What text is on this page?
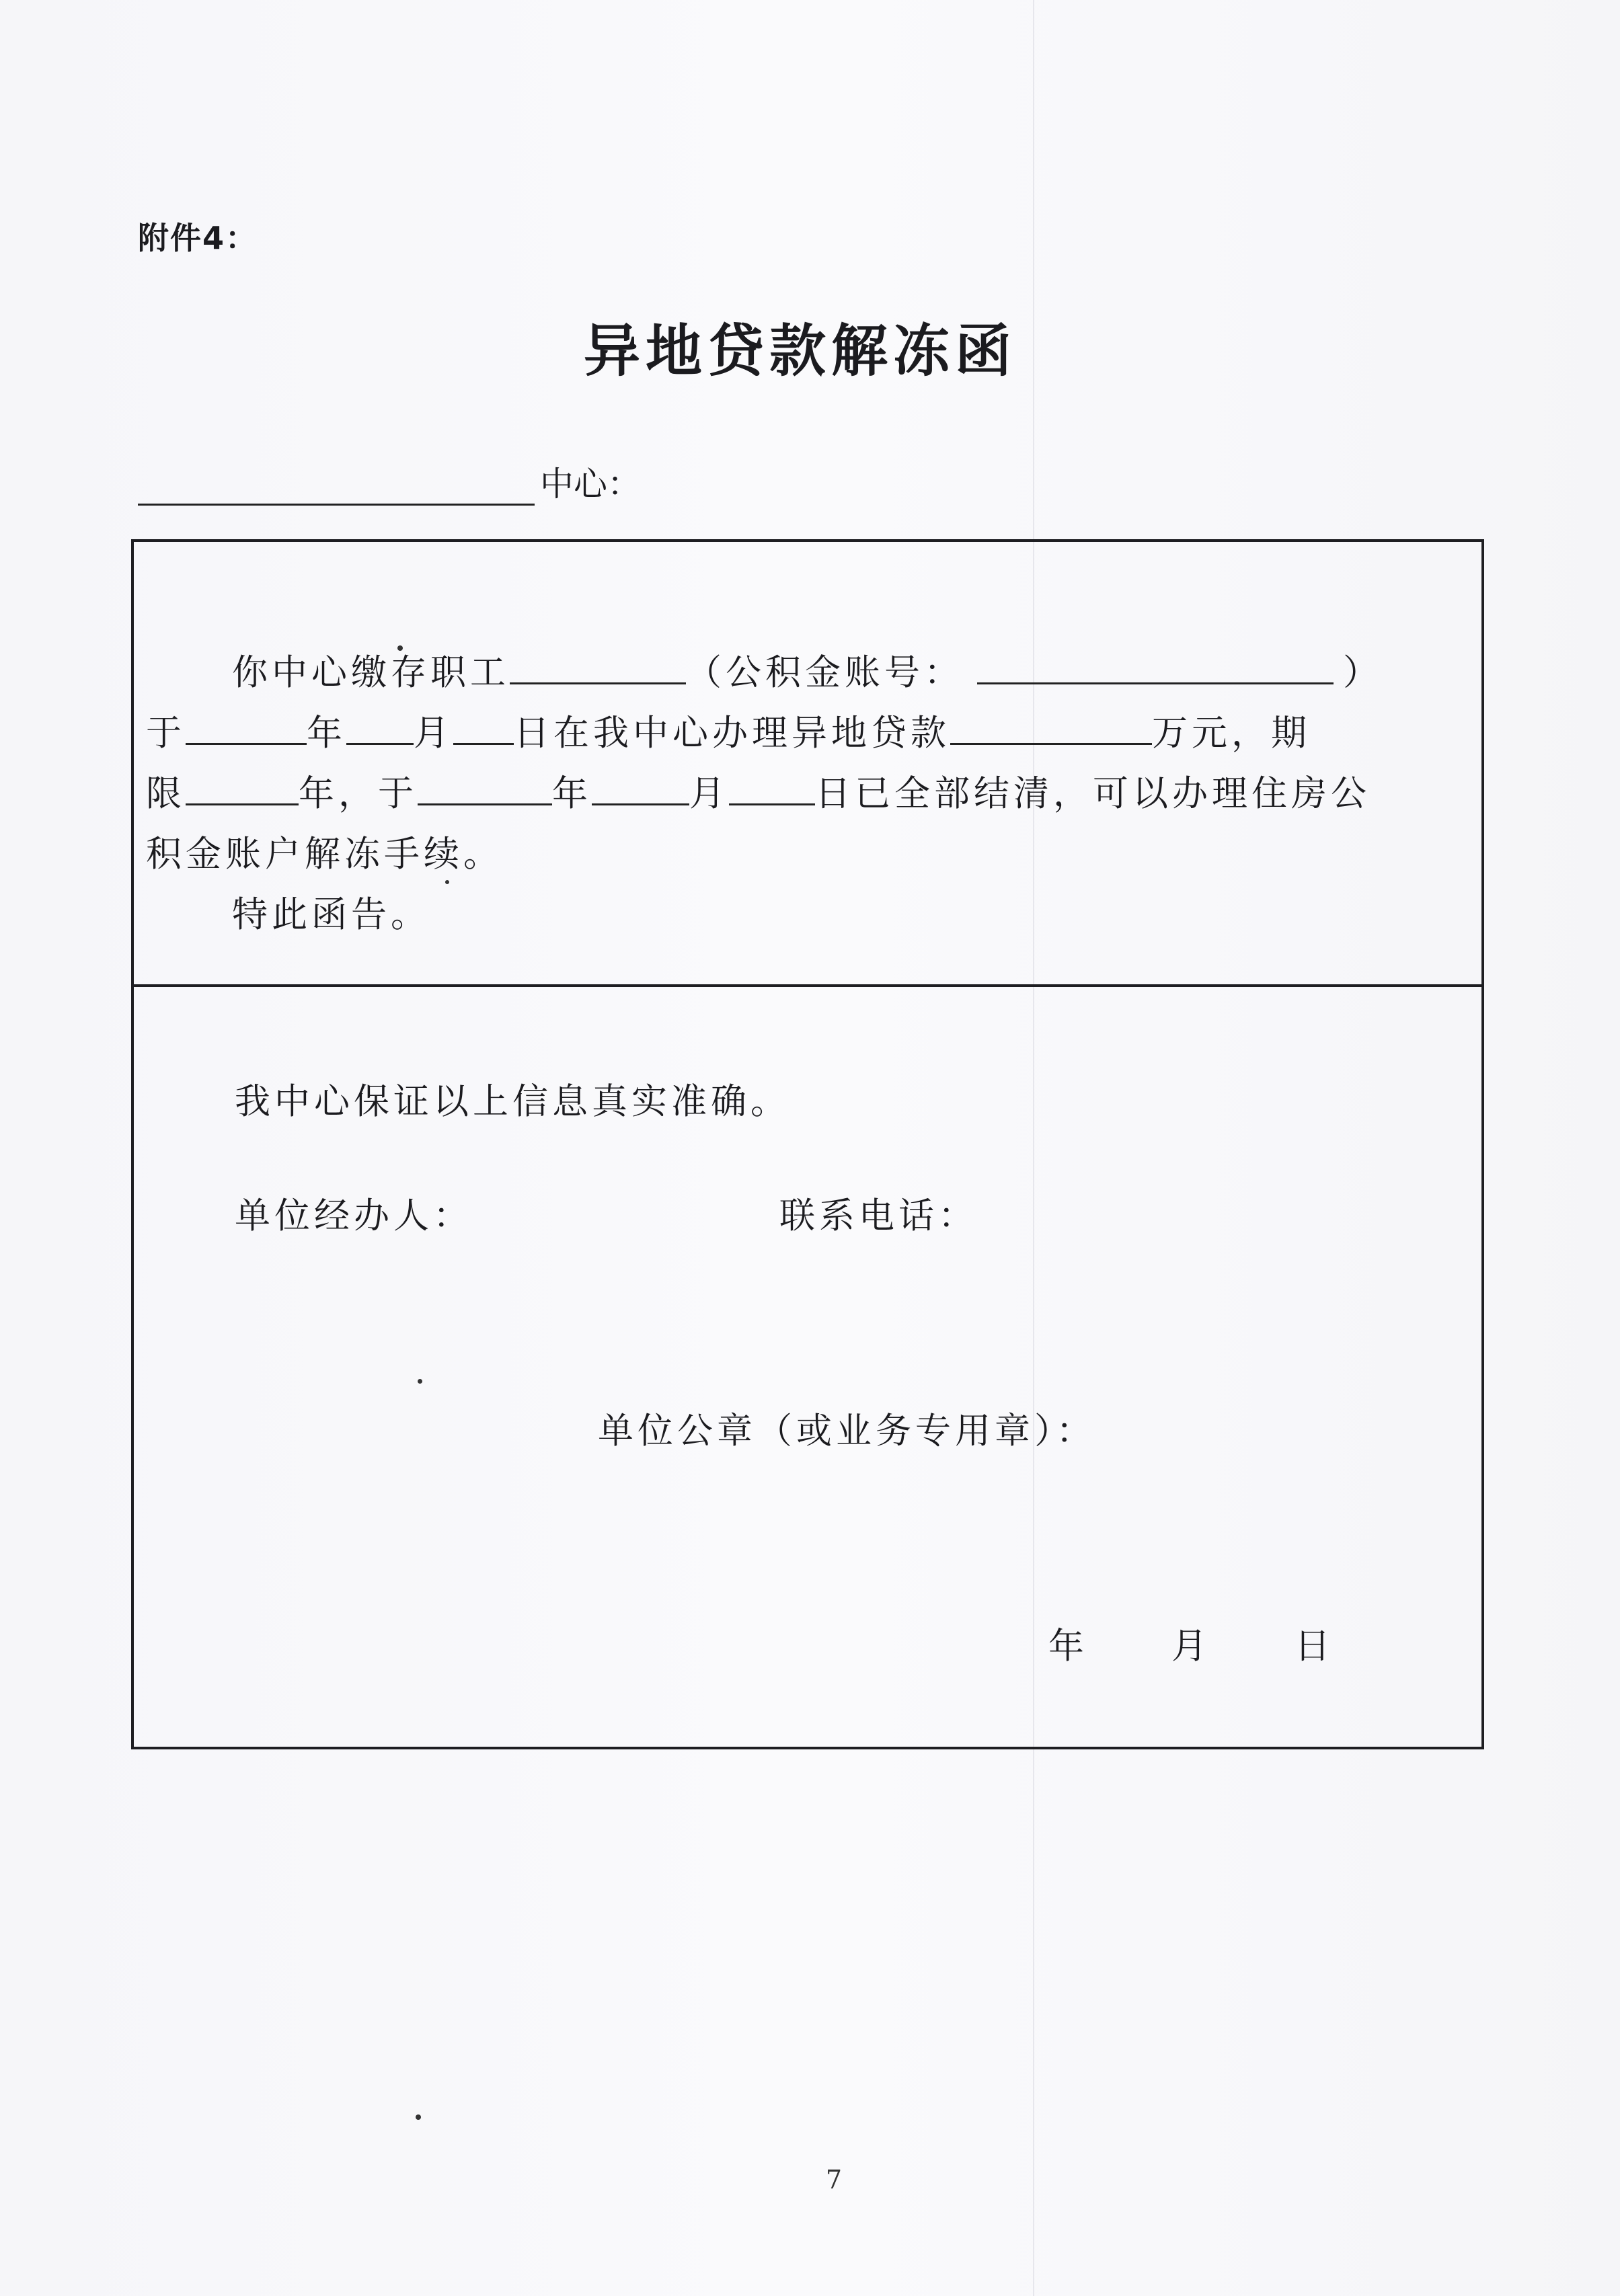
附件4：
异地贷款解冻函
中心：

你中心缴存职工	（公积金账号：	）

于	年 月 日在我中心办理异地贷款	万元，期

限	年，于	年	月 日已全部结清，可以办理住房公

积金账户解冻手续。

特此函告。

我中心保证以上信息真实准确。
单位经办人：	联系电话：
单位公章（或业务专用章）：
年 月 日
7
